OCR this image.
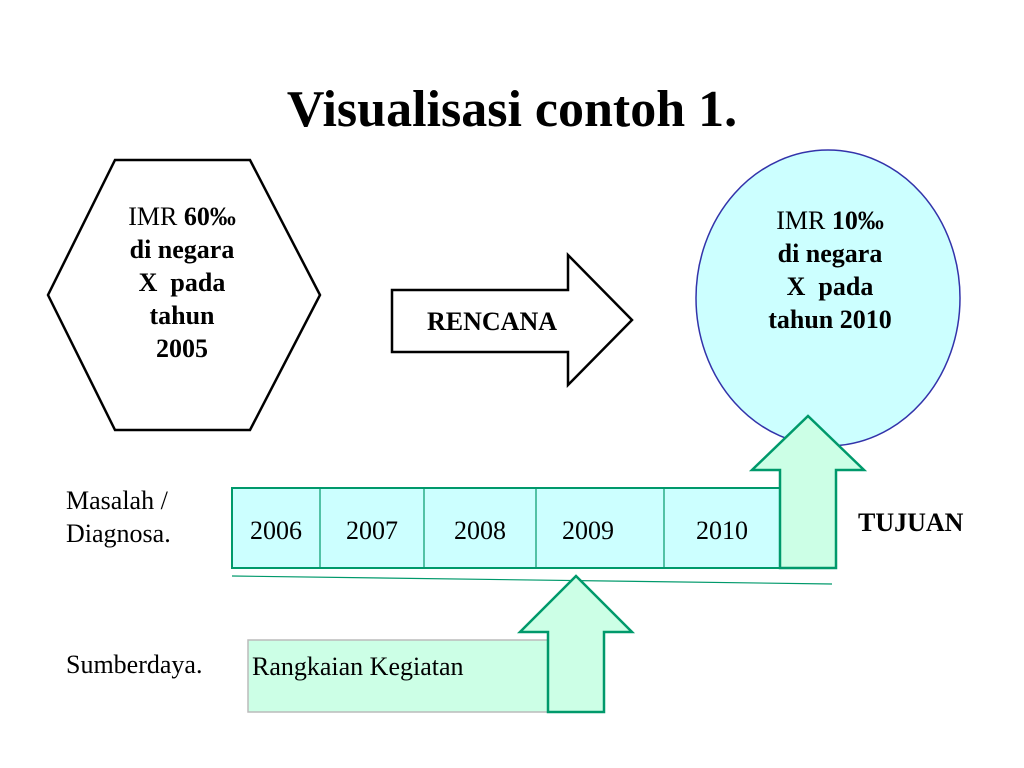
Visualisasi contoh 1.
IMR 60‰
di negara
X  pada
tahun
2005
RENCANA
IMR 10‰
di negara
X  pada
tahun 2010
Masalah /
Diagnosa.	2006	2007	2008	2009	2010	TUJUAN
Sumberdaya. Rangkaian Kegiatan
